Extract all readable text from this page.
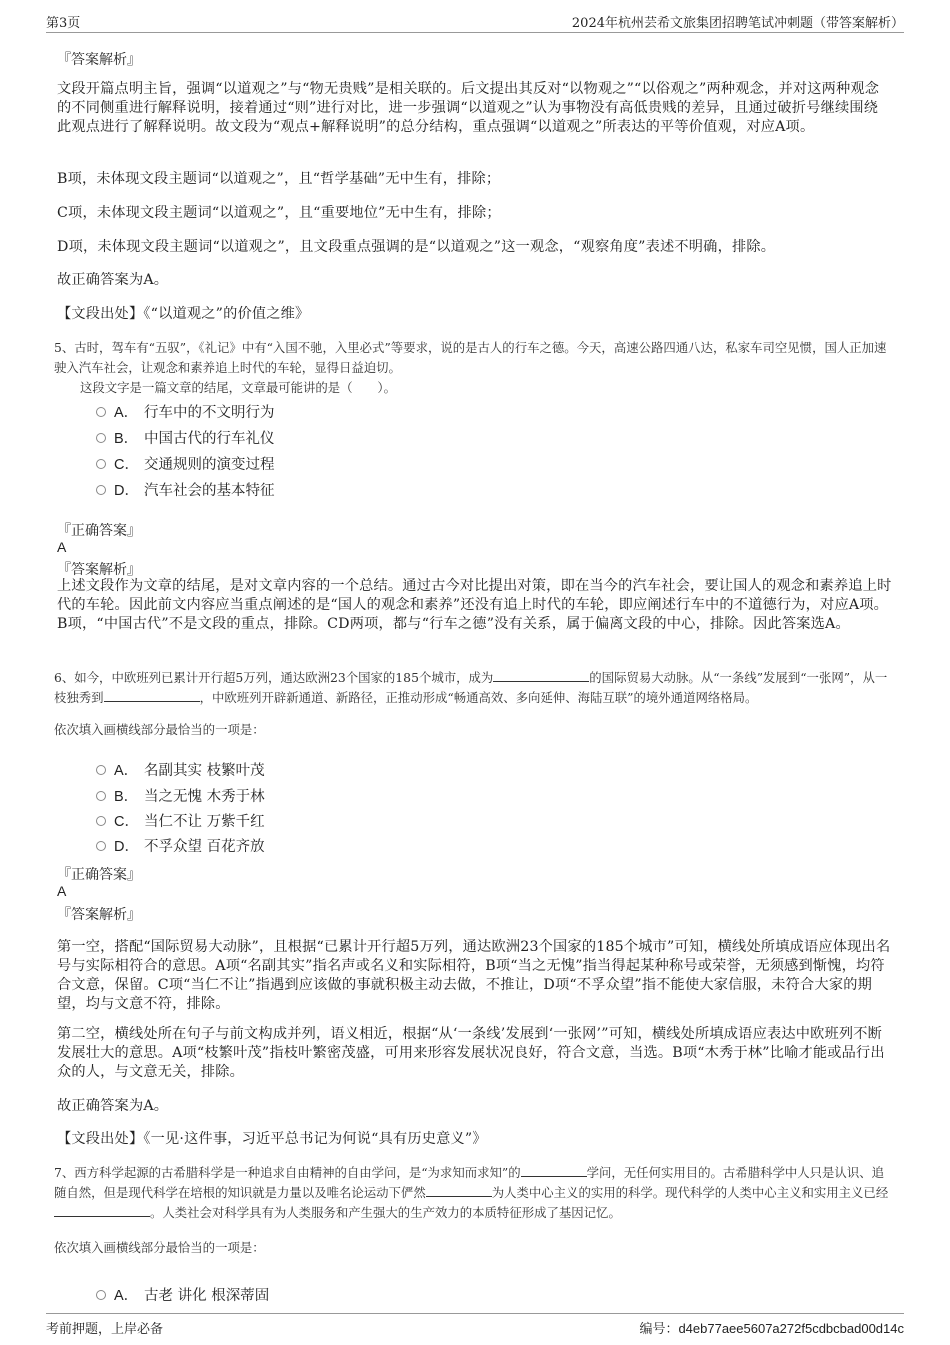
第3页	2024年杭州芸希文旅集团招聘笔试冲刺题（带答案解析）
『答案解析』
文段开篇点明主旨，强调“以道观之”与“物无贵贱”是相关联的。后文提出其反对“以物观之”“以俗观之”两种观念，并对这两种观念的不同侧重进行解释说明，接着通过“则”进行对比，进一步强调“以道观之”认为事物没有高低贵贱的差异，且通过破折号继续围绕此观点进行了解释说明。故文段为“观点+解释说明”的总分结构，重点强调“以道观之”所表达的平等价值观，对应A项。
B项，未体现文段主题词“以道观之”，且“哲学基础”无中生有，排除；
C项，未体现文段主题词“以道观之”，且“重要地位”无中生有，排除；
D项，未体现文段主题词“以道观之”，且文段重点强调的是“以道观之”这一观念，“观察角度”表述不明确，排除。
故正确答案为A。
【文段出处】《“以道观之”的价值之维》
5、古时，驾车有“五驭”，《礼记》中有“入国不驰，入里必式”等要求，说的是古人的行车之德。今天，高速公路四通八达，私家车司空见惯，国人正加速驶入汽车社会，让观念和素养追上时代的车轮，显得日益迫切。
这段文字是一篇文章的结尾，文章最可能讲的是（　　）。
A． 行车中的不文明行为
B． 中国古代的行车礼仪
C． 交通规则的演变过程
D． 汽车社会的基本特征
『正确答案』
A
『答案解析』
上述文段作为文章的结尾，是对文章内容的一个总结。通过古今对比提出对策，即在当今的汽车社会，要让国人的观念和素养追上时代的车轮。因此前文内容应当重点阐述的是“国人的观念和素养”还没有追上时代的车轮，即应阐述行车中的不道德行为，对应A项。B项，“中国古代”不是文段的重点，排除。CD两项，都与“行车之德”没有关系，属于偏离文段的中心，排除。因此答案选A。
6、如今，中欧班列已累计开行超5万列，通达欧洲23个国家的185个城市，成为	的国际贸易大动脉。从“一条线”发展到“一张网”，从一枝独秀到	，中欧班列开辟新通道、新路径，正推动形成“畅通高效、多向延伸、海陆互联”的境外通道网络格局。
依次填入画横线部分最恰当的一项是：
A． 名副其实 枝繁叶茂
B． 当之无愧 木秀于林
C． 当仁不让 万紫千红
D． 不孚众望 百花齐放
『正确答案』
A
『答案解析』
第一空，搭配“国际贸易大动脉”，且根据“已累计开行超5万列，通达欧洲23个国家的185个城市”可知，横线处所填成语应体现出名号与实际相符合的意思。A项“名副其实”指名声或名义和实际相符，B项“当之无愧”指当得起某种称号或荣誉，无须感到惭愧，均符合文意，保留。C项“当仁不让”指遇到应该做的事就积极主动去做，不推让，D项“不孚众望”指不能使大家信服，未符合大家的期望，均与文意不符，排除。
第二空，横线处所在句子与前文构成并列，语义相近，根据“从‘一条线’发展到‘一张网’”可知，横线处所填成语应表达中欧班列不断发展壮大的意思。A项“枝繁叶茂”指枝叶繁密茂盛，可用来形容发展状况良好，符合文意，当选。B项“木秀于林”比喻才能或品行出众的人，与文意无关，排除。
故正确答案为A。
【文段出处】《一见·这件事，习近平总书记为何说“具有历史意义”》
7、西方科学起源的古希腊科学是一种追求自由精神的自由学问，是“为求知而求知”的	学问，无任何实用目的。古希腊科学中人只是认识、追随自然，但是现代科学在培根的知识就是力量以及唯名论运动下俨然	为人类中心主义的实用的科学。现代科学的人类中心主义和实用主义已经。人类社会对科学具有为人类服务和产生强大的生产效力的本质特征形成了基因记忆。
依次填入画横线部分最恰当的一项是：
A． 古老 讲化 根深蒂固
考前押题，上岸必备	编号：d4eb77aee5607a272f5cdbcbad00d14c
